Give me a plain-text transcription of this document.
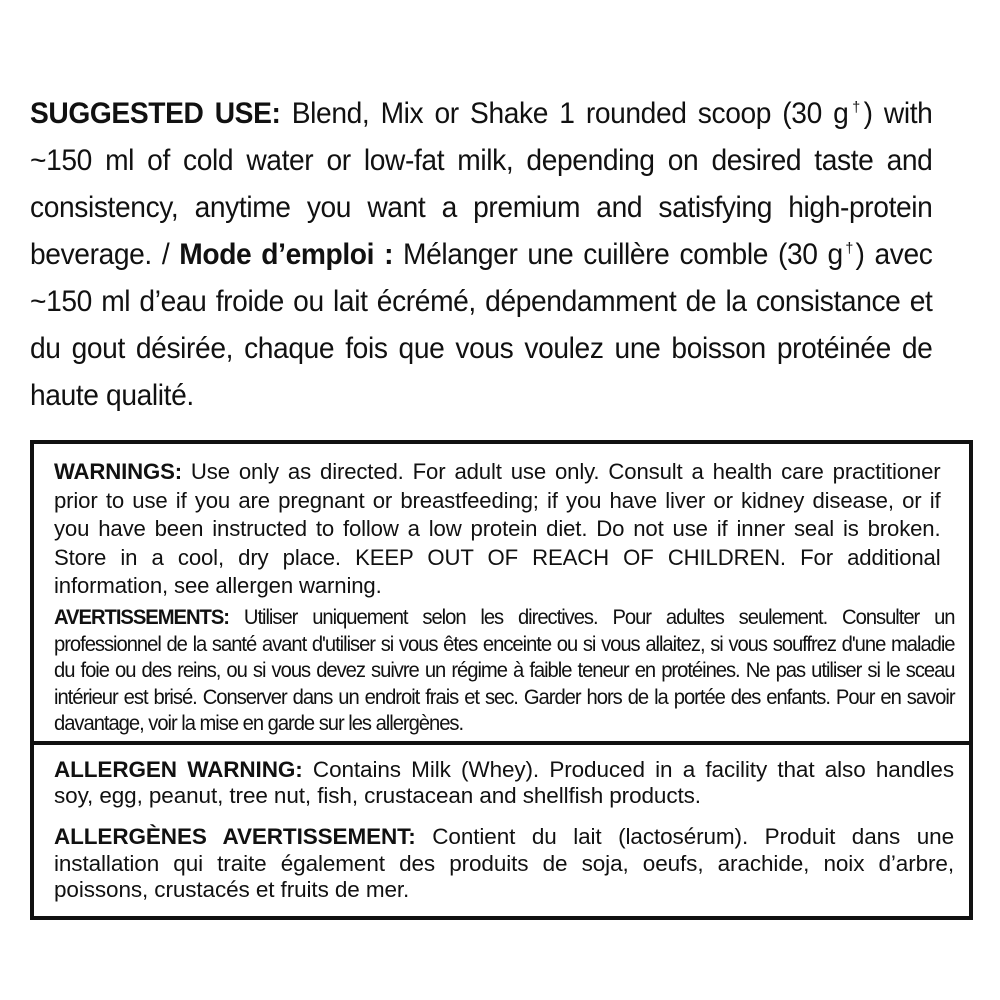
SUGGESTED USE: Blend, Mix or Shake 1 rounded scoop (30 g†) with ~150 ml of cold water or low-fat milk, depending on desired taste and consistency, anytime you want a premium and satisfying high-protein beverage. / Mode d’emploi : Mélanger une cuillère comble (30 g†) avec ~150 ml d’eau froide ou lait écrémé, dépendamment de la consistance et du gout désirée, chaque fois que vous voulez une boisson protéinée de haute qualité.
WARNINGS: Use only as directed. For adult use only. Consult a health care practitioner prior to use if you are pregnant or breastfeeding; if you have liver or kidney disease, or if you have been instructed to follow a low protein diet. Do not use if inner seal is broken. Store in a cool, dry place. KEEP OUT OF REACH OF CHILDREN. For additional information, see allergen warning.
AVERTISSEMENTS: Utiliser uniquement selon les directives. Pour adultes seulement. Consulter un professionnel de la santé avant d'utiliser si vous êtes enceinte ou si vous allaitez, si vous souffrez d'une maladie du foie ou des reins, ou si vous devez suivre un régime à faible teneur en protéines. Ne pas utiliser si le sceau intérieur est brisé. Conserver dans un endroit frais et sec. Garder hors de la portée des enfants. Pour en savoir davantage, voir la mise en garde sur les allergènes.
ALLERGEN WARNING: Contains Milk (Whey). Produced in a facility that also handles soy, egg, peanut, tree nut, fish, crustacean and shellfish products.
ALLERGÈNES AVERTISSEMENT: Contient du lait (lactosérum). Produit dans une installation qui traite également des produits de soja, oeufs, arachide, noix d’arbre, poissons, crustacés et fruits de mer.
